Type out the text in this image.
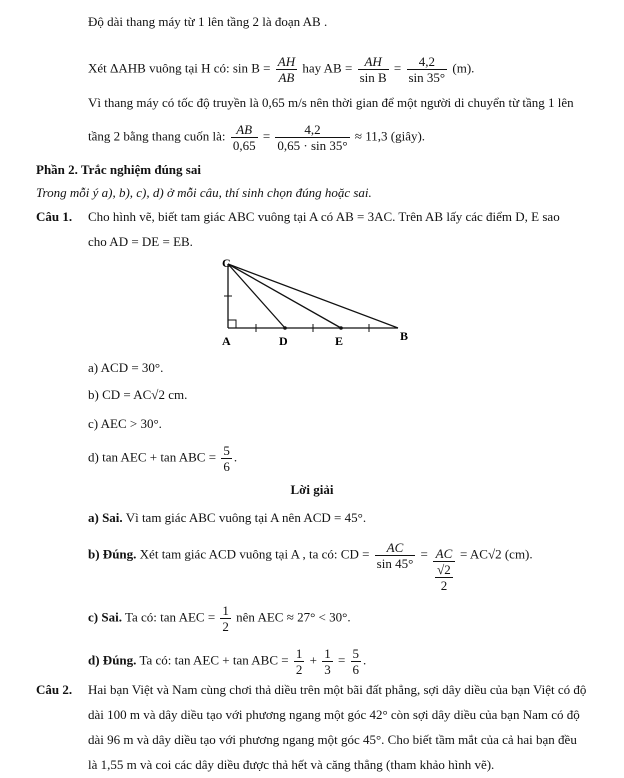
Độ dài thang máy từ 1 lên tầng 2 là đoạn AB .
Xét ΔAHB vuông tại H có: $\sin B = \frac{AH}{AB}$ hay AB = $\frac{AH}{\text{sin B}} = \frac{4,2}{\sin 35^\circ} (m)$.
Vì thang máy có tốc độ truyền là 0,65 m/s nên thời gian để một người di chuyển từ tầng 1 lên
tầng 2 bằng thang cuốn là: $\frac{AB}{0,65} = \frac{4,2}{0,65 \cdot \sin 35^\circ} \approx 11,3$ (giây).
Phần 2. Trắc nghiệm đúng sai
Trong mỗi ý a), b), c), d) ở mỗi câu, thí sinh chọn đúng hoặc sai.
Câu 1. Cho hình vẽ, biết tam giác ABC vuông tại A có AB = 3AC. Trên AB lấy các điểm D, E sao
cho AD = DE = EB.
C
A	D	E	B
a) ACD = 30°.
b) CD = AC√2 cm.
c) AEC > 30°.
d) tan AEC + tan ABC = $\frac{5}{6}$ .
Lời giải
a) Sai. Vì tam giác ABC vuông tại A nên ACD = 45°.
b) Đúng. Xét tam giác ACD vuông tại A , ta có: CD = $\frac{AC}{\sin 45^\circ} = \frac{AC}{\frac{√2}{2}} = AC√2$ (cm).
c) Sai. Ta có: tan AEC = $\frac{1}{2}$ nên AEC ≈ 27° < 30°.
d) Đúng. Ta có: tan AEC + tan ABC = $\frac{1}{2} + \frac{1}{3} = \frac{5}{6}$ .
Câu 2. Hai bạn Việt và Nam cùng chơi thả diều trên một bãi đất phẳng, sợi dây diều của bạn Việt có độ
dài 100 m và dây diều tạo với phương ngang một góc 42° còn sợi dây diều của bạn Nam có độ
dài 96 m và dây diều tạo với phương ngang một góc 45°. Cho biết tầm mắt của cả hai bạn đều
là 1,55 m và coi các dây diều được thả hết và căng thẳng (tham khảo hình vẽ).
